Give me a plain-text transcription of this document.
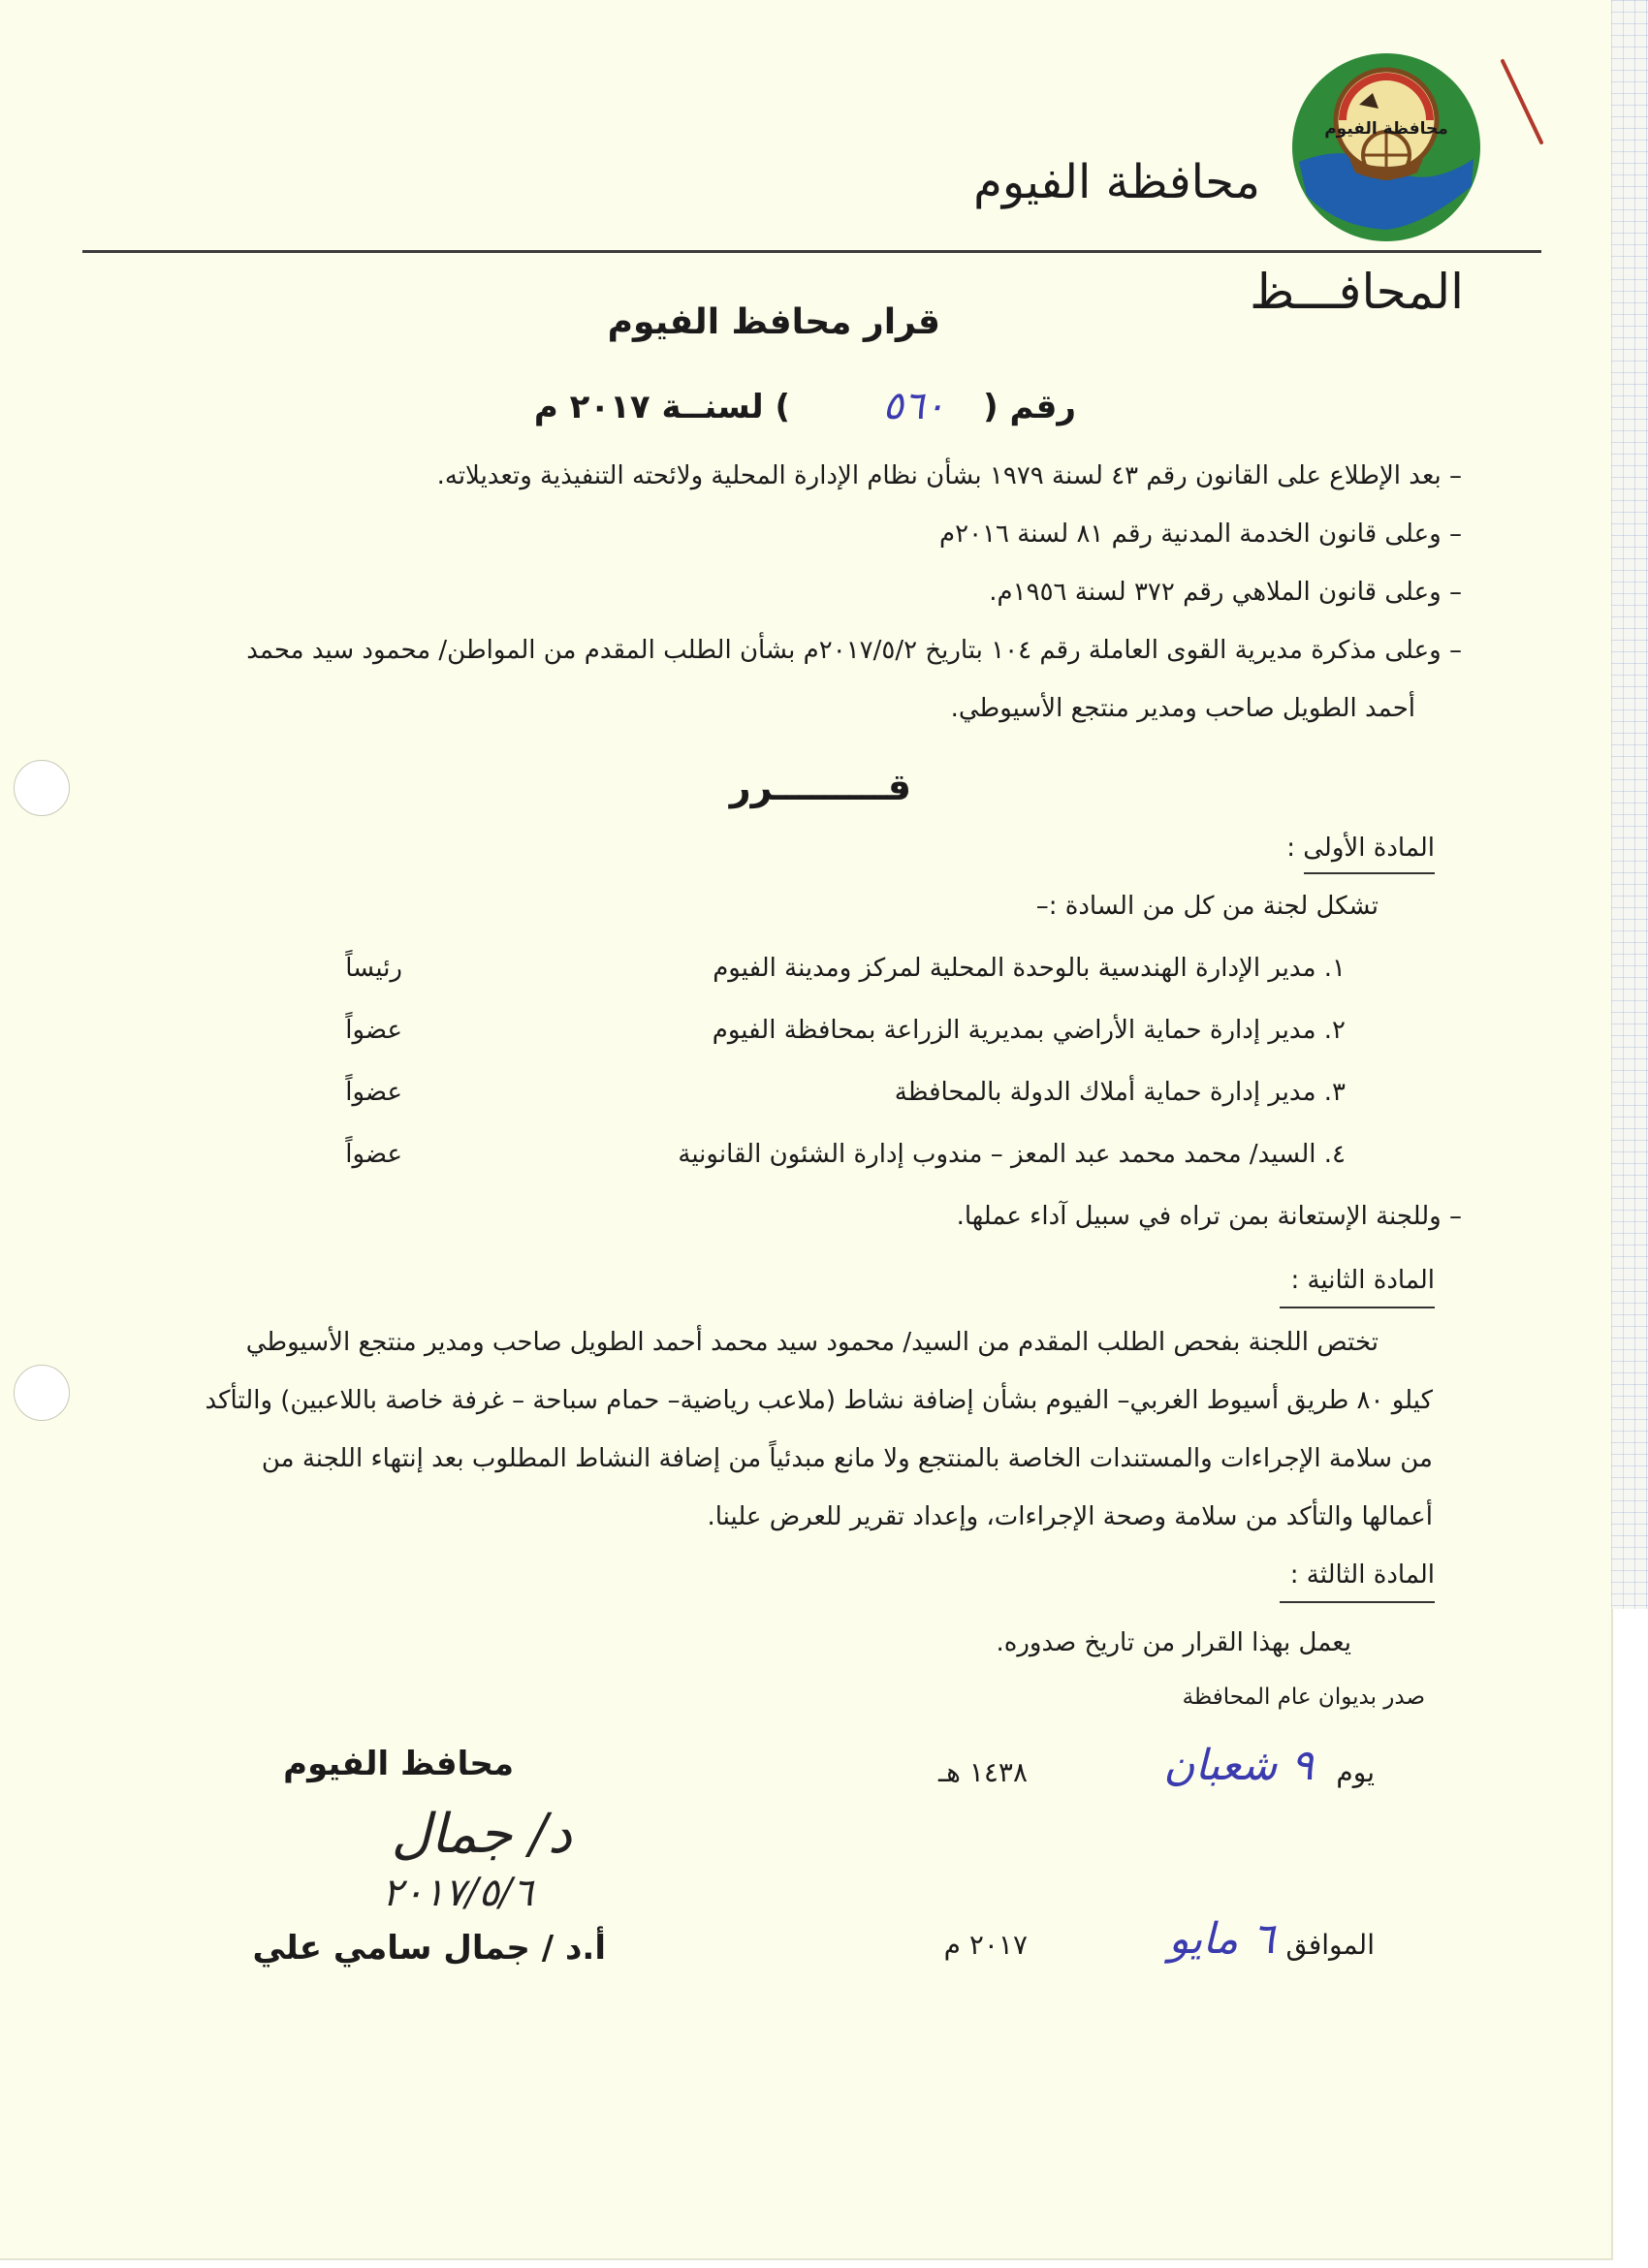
محافظة الفيوم
محافظة الفيوم
المحافـــظ
قرار محافظ الفيوم
رقم (
٥٦٠
) لسنــة ٢٠١٧ م
– بعد الإطلاع على القانون رقم ٤٣ لسنة ١٩٧٩ بشأن نظام الإدارة المحلية ولائحته التنفيذية وتعديلاته.
– وعلى قانون الخدمة المدنية رقم ٨١ لسنة ٢٠١٦م
– وعلى قانون الملاهي رقم ٣٧٢ لسنة ١٩٥٦م.
– وعلى مذكرة مديرية القوى العاملة رقم ١٠٤ بتاريخ ٢٠١٧/٥/٢م بشأن الطلب المقدم من المواطن/ محمود سيد محمد
أحمد الطويل صاحب ومدير منتجع الأسيوطي.
قـــــــــرر
المادة الأولى :
تشكل لجنة من كل من السادة :–
١. مدير الإدارة الهندسية بالوحدة المحلية لمركز ومدينة الفيوم
رئيساً
٢. مدير إدارة حماية الأراضي بمديرية الزراعة بمحافظة الفيوم
عضواً
٣. مدير إدارة حماية أملاك الدولة بالمحافظة
عضواً
٤. السيد/ محمد محمد عبد المعز – مندوب إدارة الشئون القانونية
عضواً
– وللجنة الإستعانة بمن تراه في سبيل آداء عملها.
المادة الثانية :
تختص اللجنة بفحص الطلب المقدم من السيد/ محمود سيد محمد أحمد الطويل صاحب ومدير منتجع الأسيوطي
كيلو ٨٠ طريق أسيوط الغربي– الفيوم بشأن إضافة نشاط (ملاعب رياضية– حمام سباحة – غرفة خاصة باللاعبين) والتأكد
من سلامة الإجراءات والمستندات الخاصة بالمنتجع ولا مانع مبدئياً من إضافة النشاط المطلوب بعد إنتهاء اللجنة من
أعمالها والتأكد من سلامة وصحة الإجراءات، وإعداد تقرير للعرض علينا.
المادة الثالثة :
يعمل بهذا القرار من تاريخ صدوره.
صدر بديوان عام المحافظة
يوم
٩ شعبان
١٤٣٨ هـ
الموافق
٦ مايو
٢٠١٧ م
محافظ الفيوم
د/ جمال
٢٠١٧/٥/٦
أ.د / جمال سامي علي
